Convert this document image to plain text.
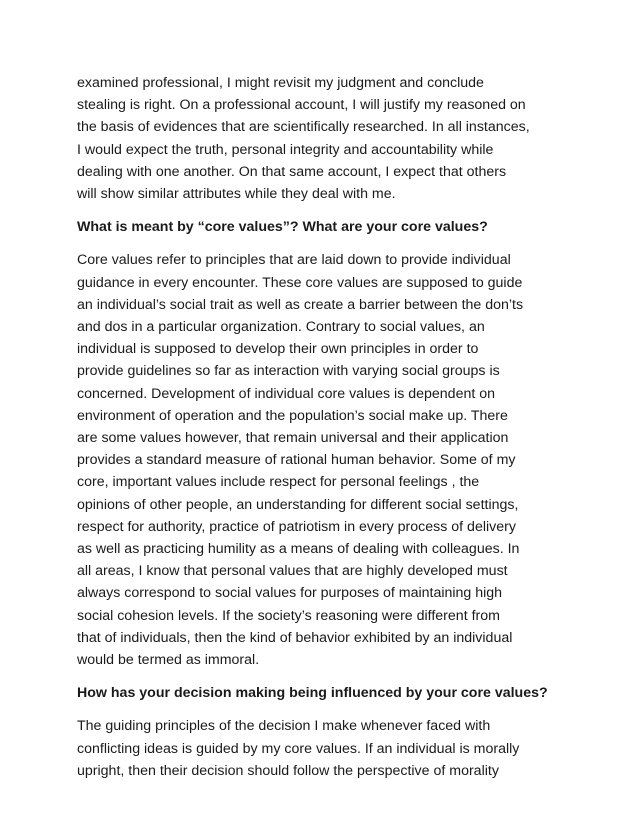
examined professional, I might revisit my judgment and conclude
stealing is right. On a professional account, I will justify my reasoned on
the basis of evidences that are scientifically researched. In all instances,
I would expect the truth, personal integrity and accountability while
dealing with one another. On that same account, I expect that others
will show similar attributes while they deal with me.

What is meant by “core values”? What are your core values?

Core values refer to principles that are laid down to provide individual
guidance in every encounter. These core values are supposed to guide
an individual’s social trait as well as create a barrier between the don’ts
and dos in a particular organization. Contrary to social values, an
individual is supposed to develop their own principles in order to
provide guidelines so far as interaction with varying social groups is
concerned. Development of individual core values is dependent on
environment of operation and the population’s social make up. There
are some values however, that remain universal and their application
provides a standard measure of rational human behavior. Some of my
core, important values include respect for personal feelings , the
opinions of other people, an understanding for different social settings,
respect for authority, practice of patriotism in every process of delivery
as well as practicing humility as a means of dealing with colleagues. In
all areas, I know that personal values that are highly developed must
always correspond to social values for purposes of maintaining high
social cohesion levels. If the society’s reasoning were different from
that of individuals, then the kind of behavior exhibited by an individual
would be termed as immoral.

How has your decision making being influenced by your core values?

The guiding principles of the decision I make whenever faced with
conflicting ideas is guided by my core values. If an individual is morally
upright, then their decision should follow the perspective of morality
